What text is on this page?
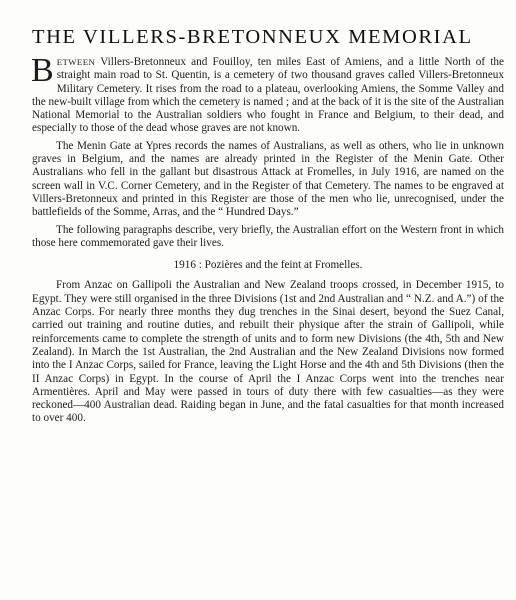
THE VILLERS-BRETONNEUX MEMORIAL

BETWEEN Villers-Bretonneux and Fouilloy, ten miles East of Amiens, and a little North of the straight main road to St. Quentin, is a cemetery of two thousand graves called Villers-Bretonneux Military Cemetery. It rises from the road to a plateau, overlooking Amiens, the Somme Valley and the new-built village from which the cemetery is named ; and at the back of it is the site of the Australian National Memorial to the Australian soldiers who fought in France and Belgium, to their dead, and especially to those of the dead whose graves are not known.

The Menin Gate at Ypres records the names of Australians, as well as others, who lie in unknown graves in Belgium, and the names are already printed in the Register of the Menin Gate. Other Australians who fell in the gallant but disastrous Attack at Fromelles, in July 1916, are named on the screen wall in V.C. Corner Cemetery, and in the Register of that Cemetery. The names to be engraved at Villers-Bretonneux and printed in this Register are those of the men who lie, unrecognised, under the battlefields of the Somme, Arras, and the “ Hundred Days.”

The following paragraphs describe, very briefly, the Australian effort on the Western front in which those here commemorated gave their lives.

1916 : Pozières and the feint at Fromelles.

From Anzac on Gallipoli the Australian and New Zealand troops crossed, in December 1915, to Egypt. They were still organised in the three Divisions (1st and 2nd Australian and “ N.Z. and A.”) of the Anzac Corps. For nearly three months they dug trenches in the Sinai desert, beyond the Suez Canal, carried out training and routine duties, and rebuilt their physique after the strain of Gallipoli, while reinforcements came to complete the strength of units and to form new Divisions (the 4th, 5th and New Zealand). In March the 1st Australian, the 2nd Australian and the New Zealand Divisions now formed into the I Anzac Corps, sailed for France, leaving the Light Horse and the 4th and 5th Divisions (then the II Anzac Corps) in Egypt. In the course of April the I Anzac Corps went into the trenches near Armentières. April and May were passed in tours of duty there with few casualties—as they were reckoned—400 Australian dead. Raiding began in June, and the fatal casualties for that month increased to over 400.
